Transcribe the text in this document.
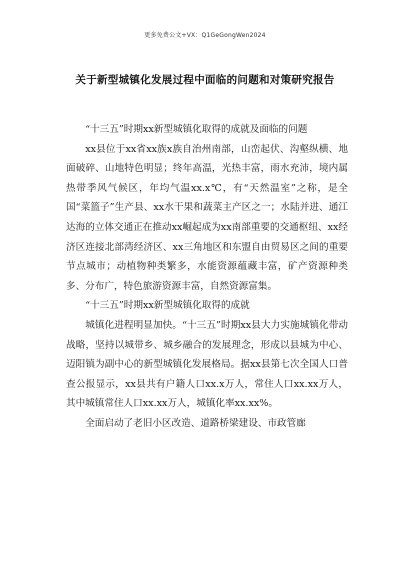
更多免费公文+VX：Q1GeGongWen2024
关于新型城镇化发展过程中面临的问题和对策研究报告

“十三五”时期xx新型城镇化取得的成就及面临的问题

xx县位于xx省xx族x族自治州南部，山峦起伏、沟壑纵横、地面破碎、山地特色明显；终年高温，光热丰富，雨水充沛，境内属热带季风气候区，年均气温xx.x℃，有“天然温室”之称，是全国“菜篮子”生产县、xx水干果和蔬菜主产区之一；水陆并进、通江达海的立体交通正在推动xx崛起成为xx南部重要的交通枢纽、xx经济区连接北部湾经济区、xx三角地区和东盟自由贸易区之间的重要节点城市；动植物种类繁多，水能资源蕴藏丰富，矿产资源种类多、分布广，特色旅游资源丰富，自然资源富集。

“十三五”时期xx新型城镇化取得的成就

城镇化进程明显加快。“十三五”时期xx县大力实施城镇化带动战略，坚持以城带乡、城乡融合的发展理念，形成以县城为中心、迈阳镇为副中心的新型城镇化发展格局。据xx县第七次全国人口普查公报显示，xx县共有户籍人口xx.x万人，常住人口xx.xx万人，其中城镇常住人口xx.xx万人，城镇化率xx.xx%。

全面启动了老旧小区改造、道路桥梁建设、市政管廊
